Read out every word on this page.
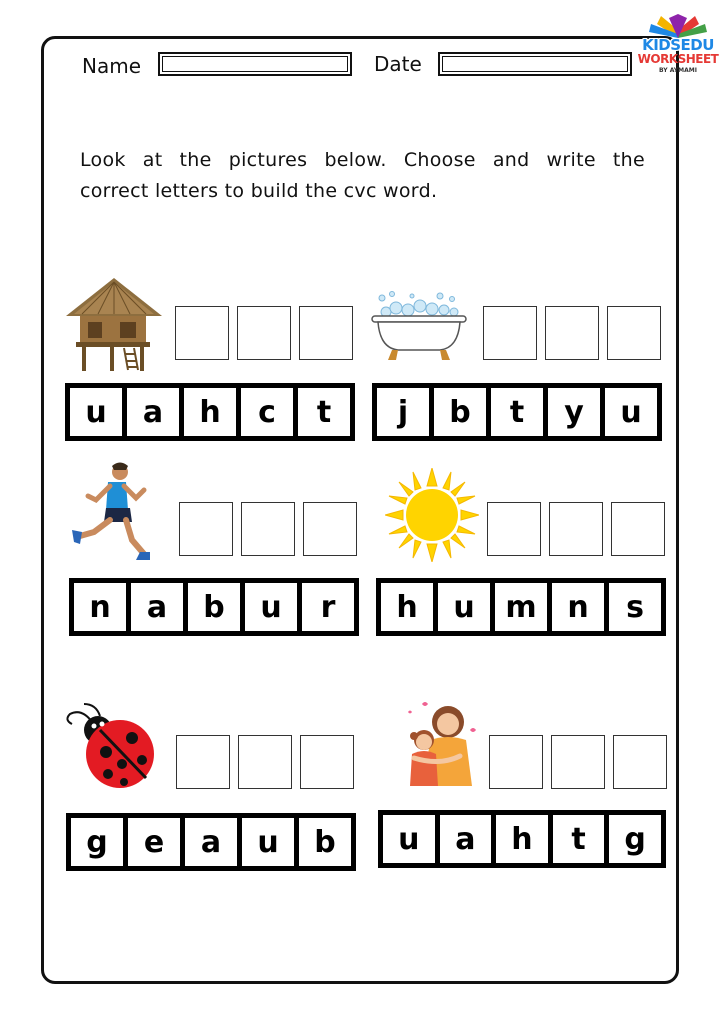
KIDSEDU
WORKSHEET
BY AYMAMI
Name	Date
Look at the pictures below. Choose and write the
correct letters to build the cvc word.
u	a	h	c	t	j	b	t	y	u
n	a	b	u	r	h	u	m	n	s
g	e	a	u	b	u	a	h	t	g
